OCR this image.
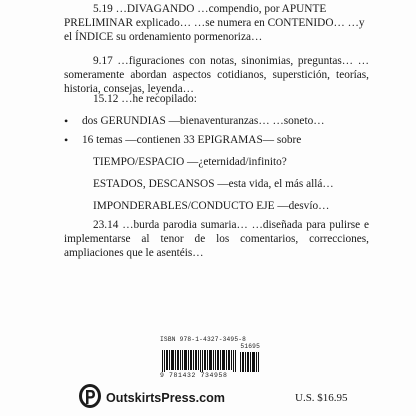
5.19 …DIVAGANDO …compendio, por APUNTE

PRELIMINAR explicado… …se numera en CONTENIDO… …y

el ÍNDICE su ordenamiento pormenoriza…

9.17 …figuraciones con notas, sinonimias, preguntas… …someramente abordan aspectos cotidianos, superstición, teorías, historia, consejas, leyenda…

15.12 …he recopilado:

•	dos GERUNDIAS —bienaventuranzas… …soneto…
•	16 temas —contienen 33 EPIGRAMAS— sobre

TIEMPO/ESPACIO —¿eternidad/infinito?

ESTADOS, DESCANSOS —esta vida, el más allá…

IMPONDERABLES/CONDUCTO EJE —desvío…

23.14 …burda parodia sumaria… …diseñada para pulirse e implementarse al tenor de los comentarios, correcciones, ampliaciones que le asentéis…

ISBN 978-1-4327-3495-8
51695
9 781432 734958
OutskirtsPress.com	U.S. $16.95
